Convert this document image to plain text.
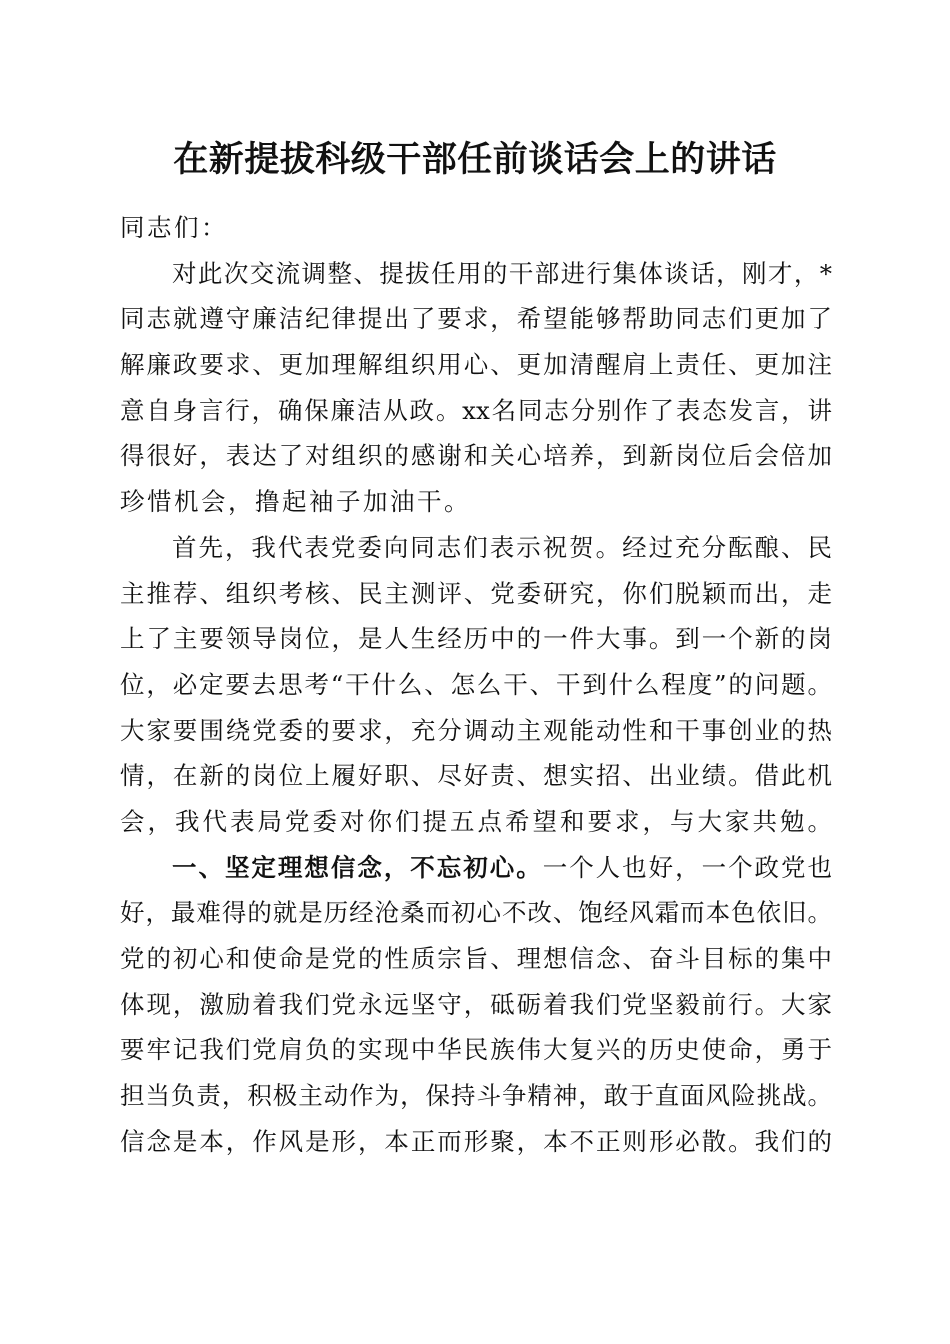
在新提拔科级干部任前谈话会上的讲话
同志们：
对此次交流调整、提拔任用的干部进行集体谈话，刚才，*
同志就遵守廉洁纪律提出了要求，希望能够帮助同志们更加了
解廉政要求、更加理解组织用心、更加清醒肩上责任、更加注
意自身言行，确保廉洁从政。xx名同志分别作了表态发言，讲
得很好，表达了对组织的感谢和关心培养，到新岗位后会倍加
珍惜机会，撸起袖子加油干。
首先，我代表党委向同志们表示祝贺。经过充分酝酿、民
主推荐、组织考核、民主测评、党委研究，你们脱颖而出，走
上了主要领导岗位，是人生经历中的一件大事。到一个新的岗
位，必定要去思考“干什么、怎么干、干到什么程度”的问题。
大家要围绕党委的要求，充分调动主观能动性和干事创业的热
情，在新的岗位上履好职、尽好责、想实招、出业绩。借此机
会，我代表局党委对你们提五点希望和要求，与大家共勉。
一、坚定理想信念，不忘初心。一个人也好，一个政党也
好，最难得的就是历经沧桑而初心不改、饱经风霜而本色依旧。
党的初心和使命是党的性质宗旨、理想信念、奋斗目标的集中
体现，激励着我们党永远坚守，砥砺着我们党坚毅前行。大家
要牢记我们党肩负的实现中华民族伟大复兴的历史使命，勇于
担当负责，积极主动作为，保持斗争精神，敢于直面风险挑战。
信念是本，作风是形，本正而形聚，本不正则形必散。我们的
